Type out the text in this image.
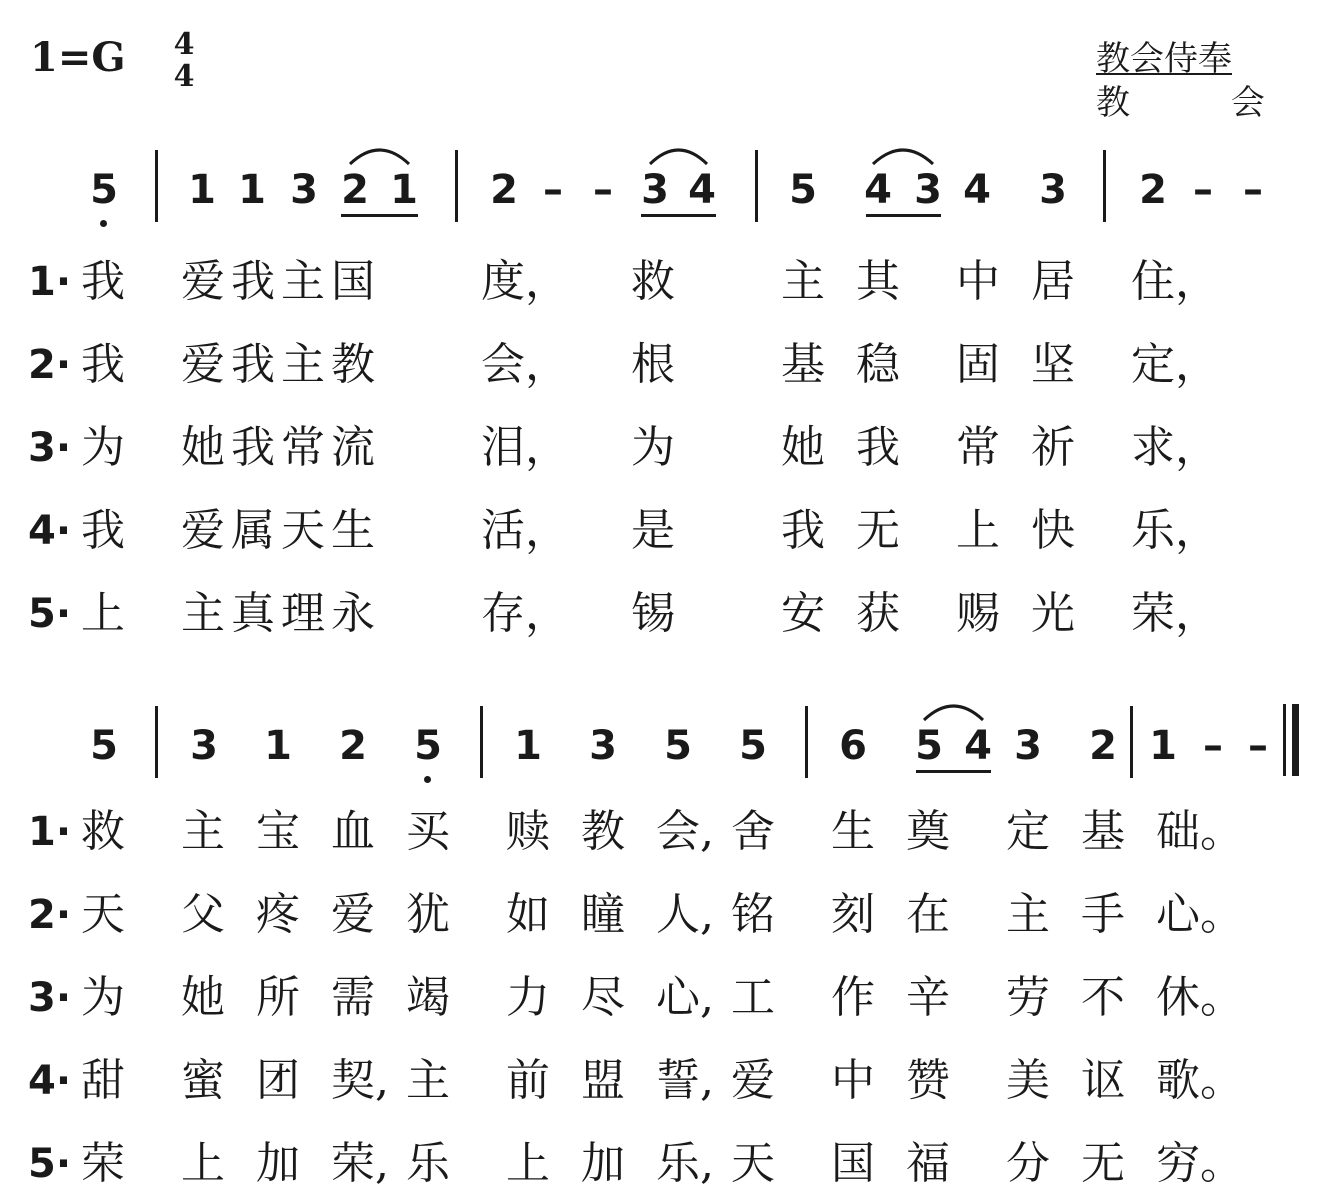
1=G 4
4	教会侍奉
教	会
5 1 1 3 2 1 2 – – 3 4 5 4 3 4 3 2 – –
1· 我 爱 我 主 国 度， 救 主 其 中 居 住，
2· 我 爱 我 主 教 会， 根 基 稳 固 坚 定，
3· 为 她 我 常 流 泪， 为 她 我 常 祈 求，
4· 我 爱 属 天 生 活， 是 我 无 上 快 乐，
5· 上 主 真 理 永 存， 锡 安 获 赐 光 荣，
5 3 1 2 5 1 3 5 5 6 5 4 3 2 1 – –
1· 救 主 宝 血 买 赎 教 会, 舍 生 奠 定 基 础。
2· 天 父 疼 爱 犹 如 瞳 人, 铭 刻 在 主 手 心。
3· 为 她 所 需 竭 力 尽 心, 工 作 辛 劳 不 休。
4· 甜 蜜 团 契, 主 前 盟 誓, 爱 中 赞 美 讴 歌。
5· 荣 上 加 荣, 乐 上 加 乐, 天 国 福 分 无 穷。
